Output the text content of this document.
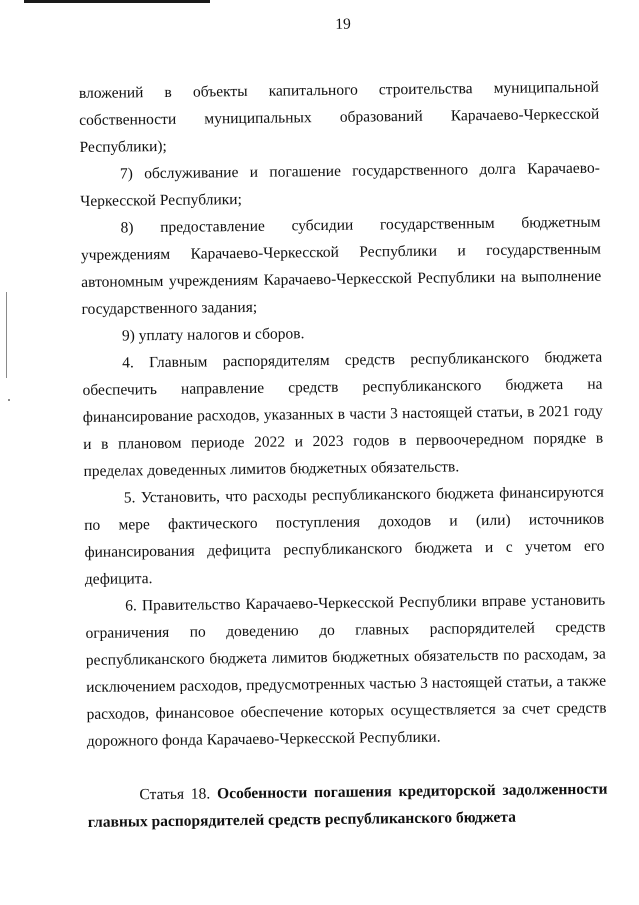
19

вложений в объекты капитального строительства муниципальной собственности муниципальных образований Карачаево-Черкесской Республики);

7) обслуживание и погашение государственного долга Карачаево-Черкесской Республики;

8) предоставление субсидии государственным бюджетным учреждениям Карачаево-Черкесской Республики и государственным автономным учреждениям Карачаево-Черкесской Республики на выполнение государственного задания;

9) уплату налогов и сборов.

4. Главным распорядителям средств республиканского бюджета обеспечить направление средств республиканского бюджета на финансирование расходов, указанных в части 3 настоящей статьи, в 2021 году и в плановом периоде 2022 и 2023 годов в первоочередном порядке в пределах доведенных лимитов бюджетных обязательств.

5. Установить, что расходы республиканского бюджета финансируются по мере фактического поступления доходов и (или) источников финансирования дефицита республиканского бюджета и с учетом его дефицита.

6. Правительство Карачаево-Черкесской Республики вправе установить ограничения по доведению до главных распорядителей средств республиканского бюджета лимитов бюджетных обязательств по расходам, за исключением расходов, предусмотренных частью 3 настоящей статьи, а также расходов, финансовое обеспечение которых осуществляется за счет средств дорожного фонда Карачаево-Черкесской Республики.

Статья 18. Особенности погашения кредиторской задолженности главных распорядителей средств республиканского бюджета
